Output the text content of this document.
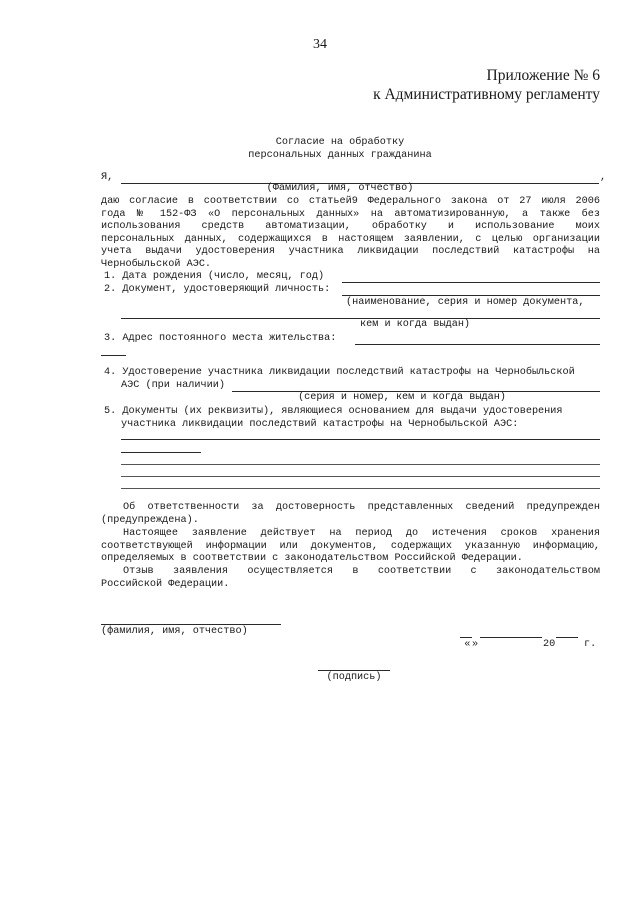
34
Приложение № 6
к Административному регламенту
Согласие на обработку
персональных данных гражданина
Я,	,
(Фамилия, имя, отчество)
даю согласие в соответствии со статьей9 Федерального закона от 27 июля 2006
года № 152-ФЗ «О персональных данных» на автоматизированную, а также без
использования средств автоматизации, обработку и использование моих
персональных данных, содержащихся в настоящем заявлении, с целью организации
учета выдачи удостоверения участника ликвидации последствий катастрофы на
Чернобыльской АЭС.
1. Дата рождения (число, месяц, год)
2. Документ, удостоверяющий личность:
(наименование, серия и номер документа,
кем и когда выдан)
3. Адрес постоянного места жительства:
4. Удостоверение участника ликвидации последствий катастрофы на Чернобыльской
АЭС (при наличии)
(серия и номер, кем и когда выдан)
5. Документы (их реквизиты), являющиеся основанием для выдачи удостоверения
участника ликвидации последствий катастрофы на Чернобыльской АЭС:
Об ответственности за достоверность представленных сведений предупрежден
(предупреждена).
Настоящее заявление действует на период до истечения сроков хранения
соответствующей информации или документов, содержащих указанную информацию,
определяемых в соответствии с законодательством Российской Федерации.
Отзыв заявления осуществляется в соответствии с законодательством
Российской Федерации.
(фамилия, имя, отчество)

« »	20	г.

(подпись)
